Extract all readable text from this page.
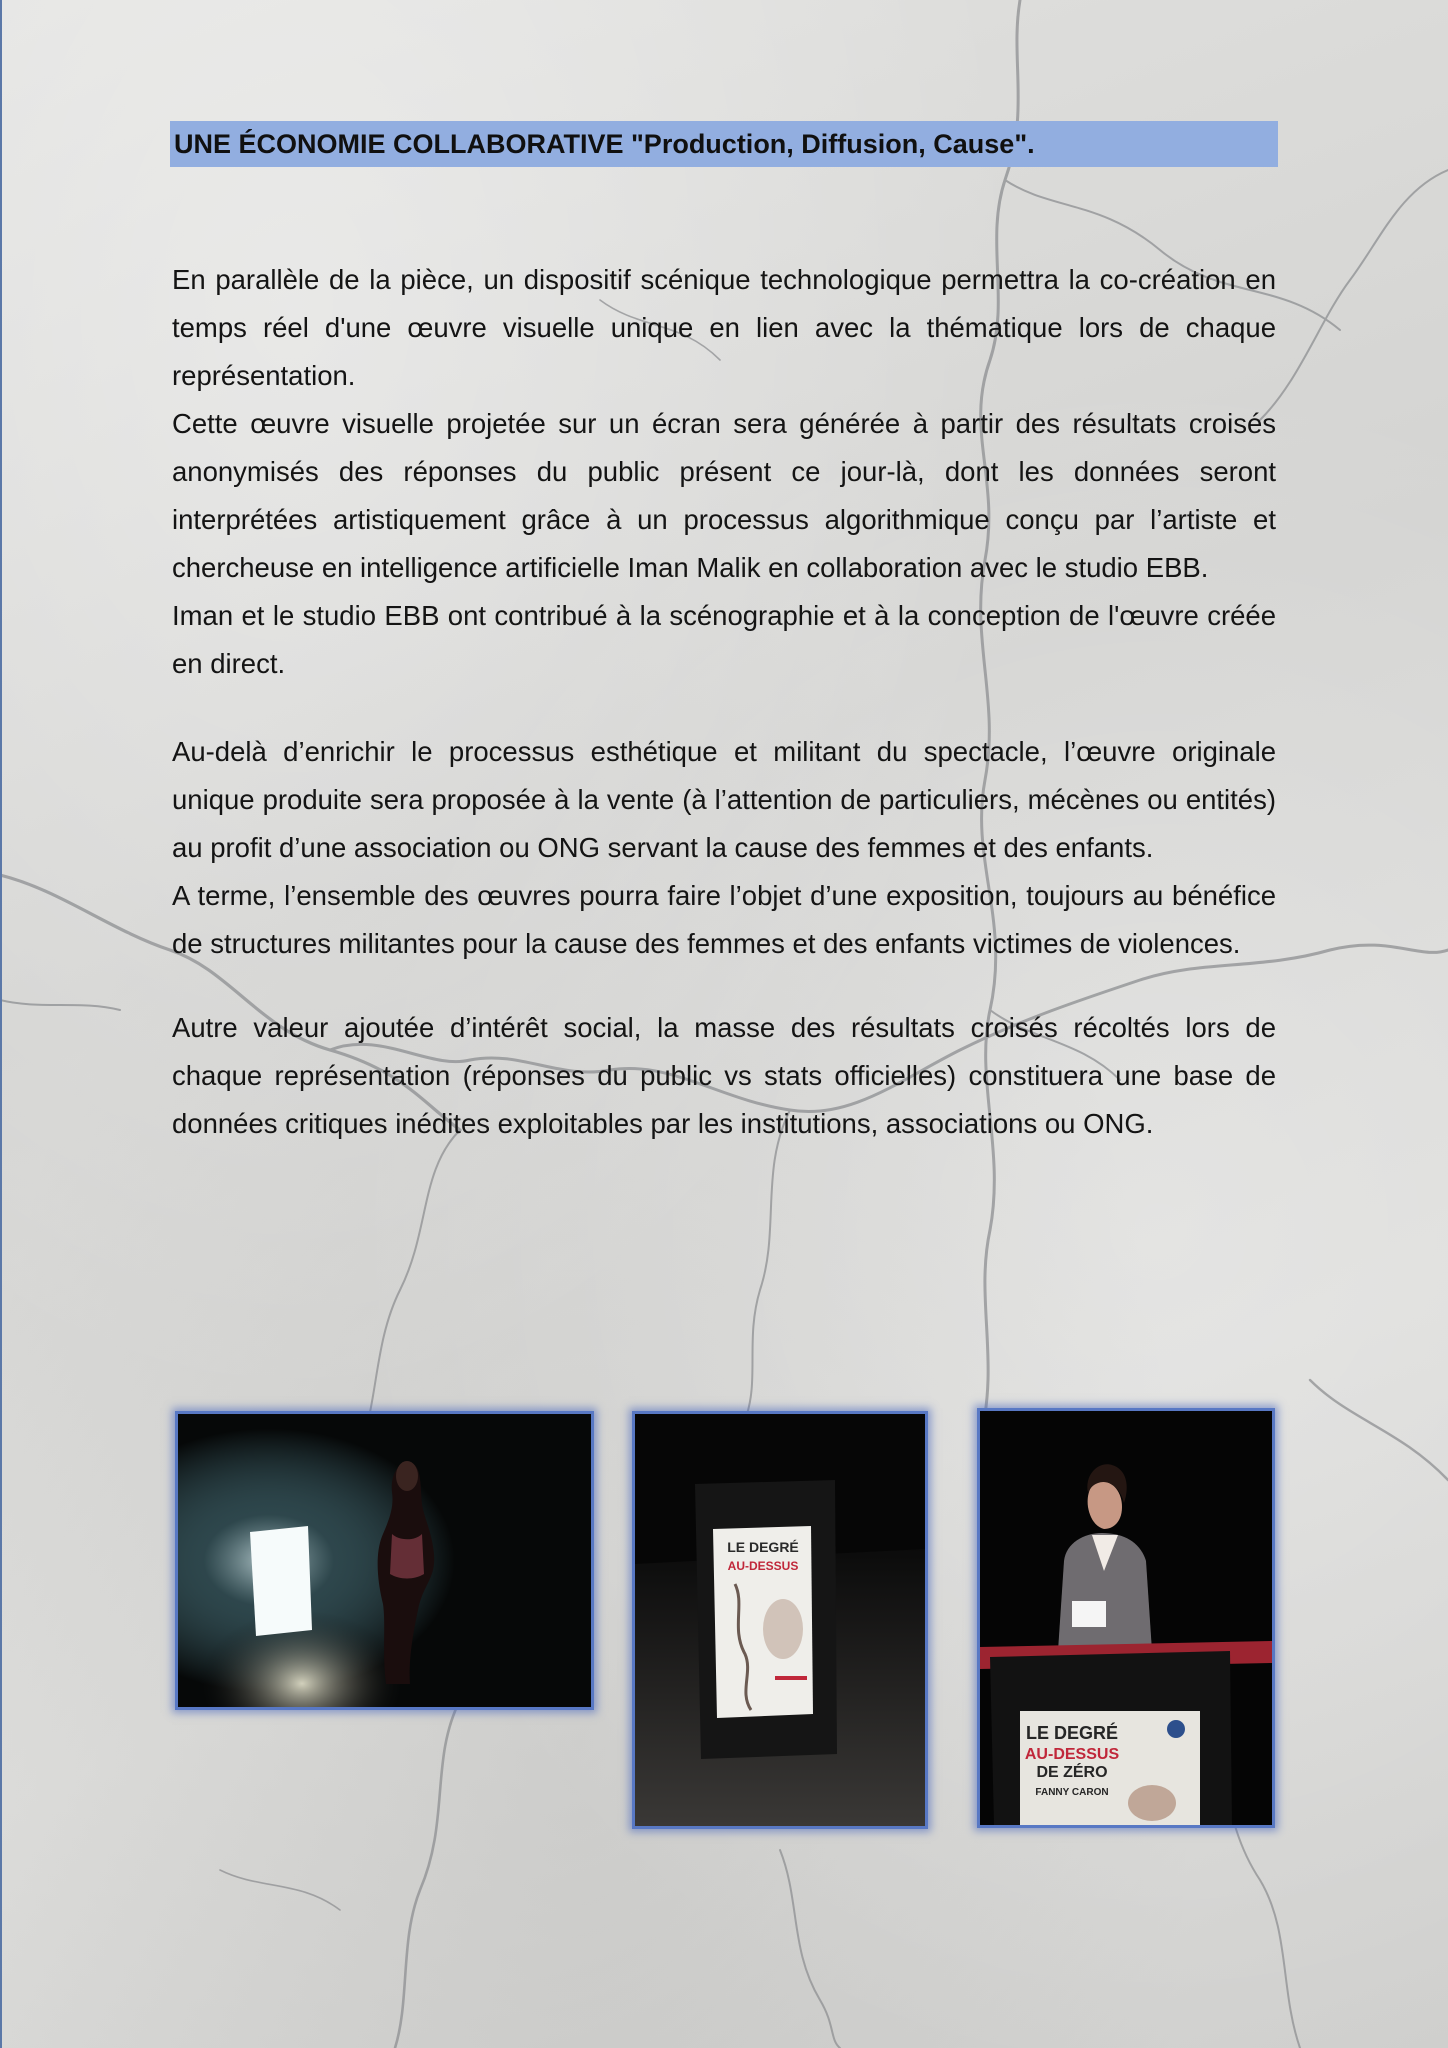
UNE ÉCONOMIE COLLABORATIVE "Production, Diffusion, Cause".

En parallèle de la pièce, un dispositif scénique technologique permettra la co-création en temps réel d'une œuvre visuelle unique en lien avec la thématique lors de chaque représentation.

Cette œuvre visuelle projetée sur un écran sera générée à partir des résultats croisés anonymisés des réponses du public présent ce jour-là, dont les données seront interprétées artistiquement grâce à un processus algorithmique conçu par l’artiste et chercheuse en intelligence artificielle Iman Malik en collaboration avec le studio EBB.

Iman et le studio EBB ont contribué à la scénographie et à la conception de l'œuvre créée en direct.

Au-delà d’enrichir le processus esthétique et militant du spectacle, l’œuvre originale unique produite sera proposée à la vente (à l’attention de particuliers, mécènes ou entités) au profit d’une association ou ONG servant la cause des femmes et des enfants.

A terme, l’ensemble des œuvres pourra faire l’objet d’une exposition, toujours au bénéfice de structures militantes pour la cause des femmes et des enfants victimes de violences.

Autre valeur ajoutée d’intérêt social, la masse des résultats croisés récoltés lors de chaque représentation (réponses du public vs stats officielles) constituera une base de données critiques inédites exploitables par les institutions, associations ou ONG.

LE DEGRÉ
AU-DESSUS
LE DEGRÉ
AU-DESSUS
DE ZÉRO
FANNY CARON
